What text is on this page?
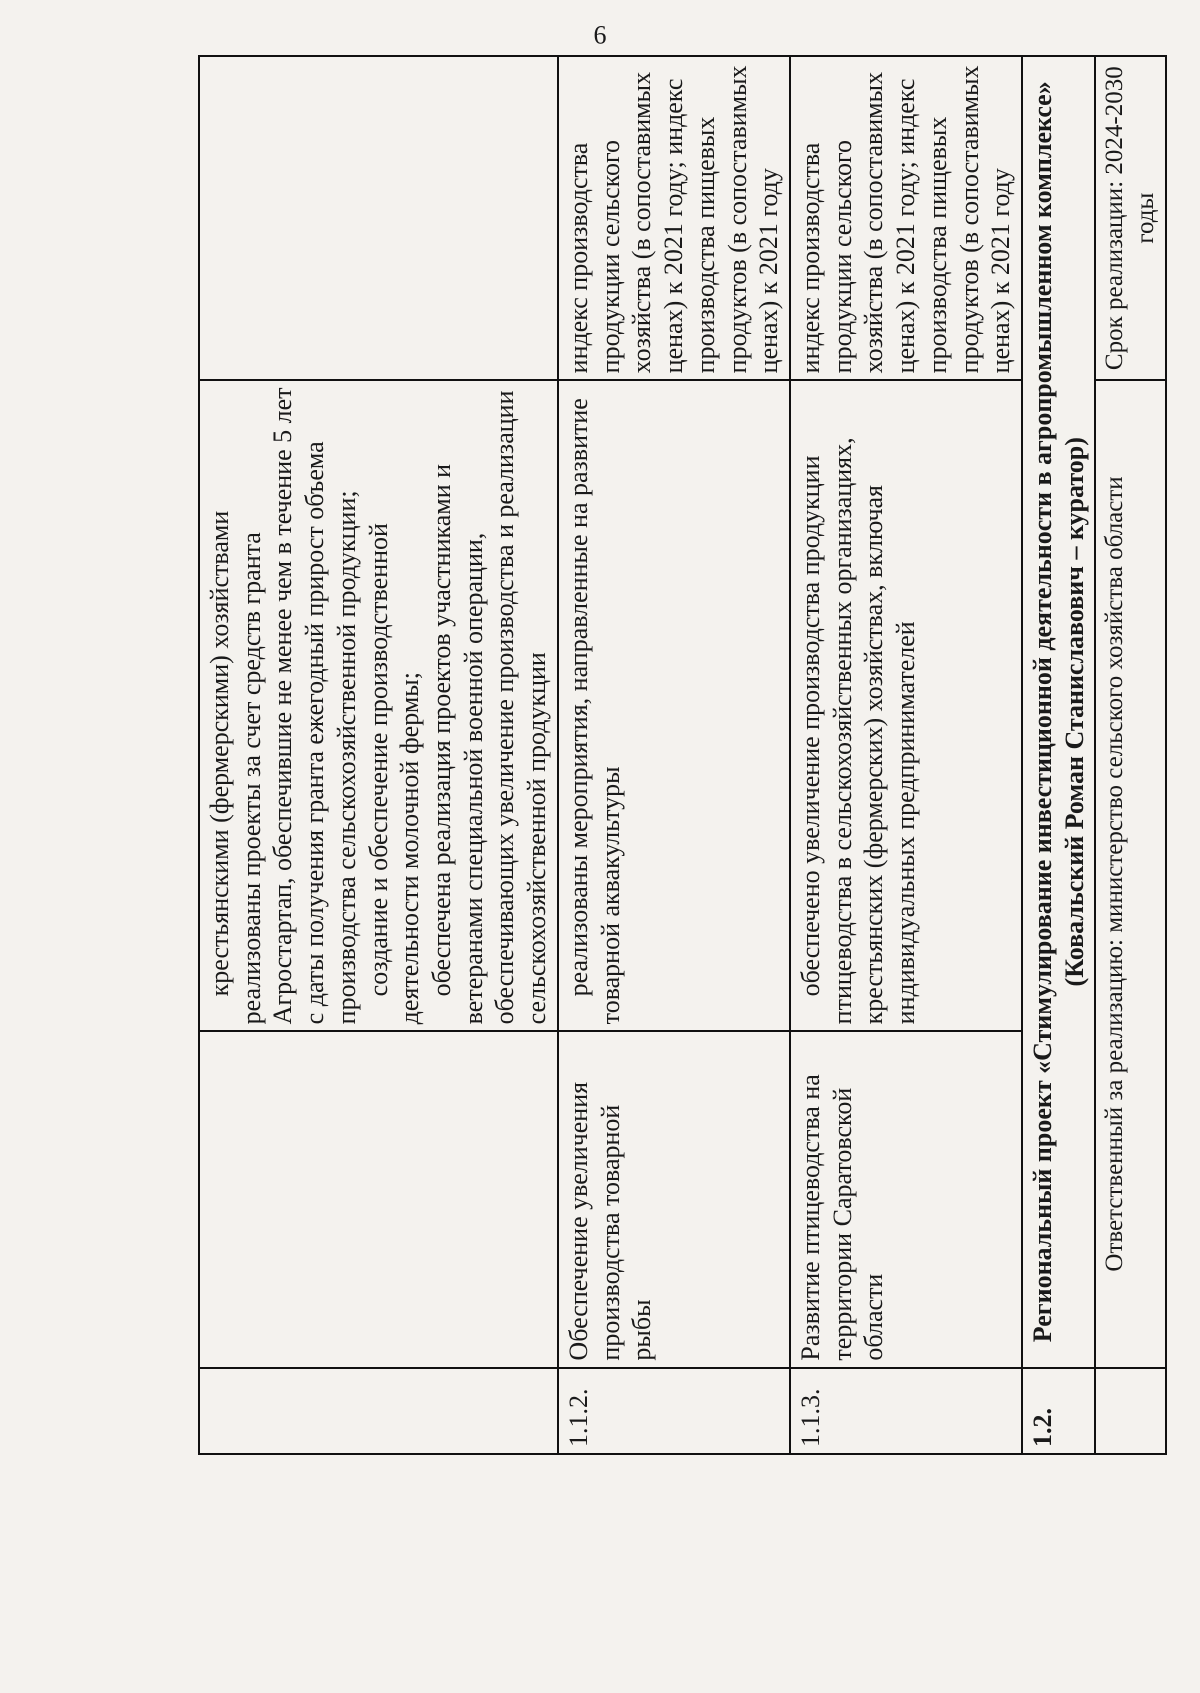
6

		крестьянскими (фермерскими) хозяйствами реализованы проекты за счет средств гранта Агростартап, обеспечившие не менее чем в течение 5 лет с даты получения гранта ежегодный прирост объема производства сельскохозяйственной продукции; создание и обеспечение производственной деятельности молочной фермы; обеспечена реализация проектов участниками и ветеранами специальной военной операции, обеспечивающих увеличение производства и реализации сельскохозяйственной продукции	

1.1.2.	Обеспечение увеличения производства товарной рыбы	реализованы мероприятия, направленные на развитие товарной аквакультуры	индекс производства продукции сельского хозяйства (в сопоставимых ценах) к 2021 году; индекс производства пищевых продуктов (в сопоставимых ценах) к 2021 году
1.1.3.	Развитие птицеводства на территории Саратовской области	обеспечено увеличение производства продукции птицеводства в сельскохозяйственных организациях, крестьянских (фермерских) хозяйствах, включая индивидуальных предпринимателей	индекс производства продукции сельского хозяйства (в сопоставимых ценах) к 2021 году; индекс производства пищевых продуктов (в сопоставимых ценах) к 2021 году
1.2.	Региональный проект «Стимулирование инвестиционной деятельности в агропромышленном комплексе» (Ковальский Роман Станиславович – куратор)		
	Ответственный за реализацию: министерство сельского хозяйства области		Срок реализации: 2024-2030 годы
